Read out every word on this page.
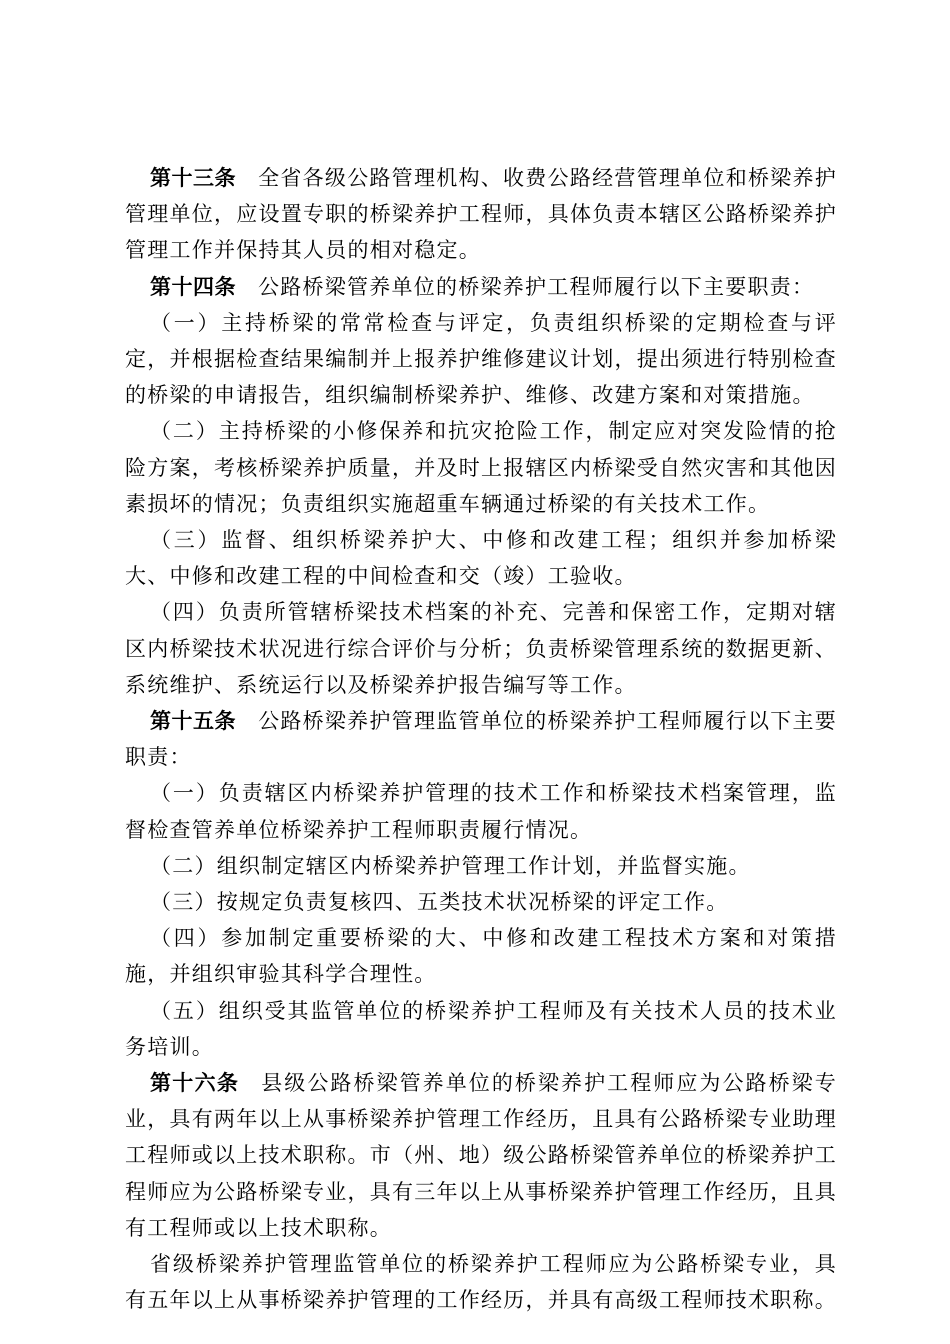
第十三条 全省各级公路管理机构、收费公路经营管理单位和桥梁养护管理单位，应设置专职的桥梁养护工程师，具体负责本辖区公路桥梁养护管理工作并保持其人员的相对稳定。

第十四条 公路桥梁管养单位的桥梁养护工程师履行以下主要职责：

（一）主持桥梁的常常检查与评定，负责组织桥梁的定期检查与评定，并根据检查结果编制并上报养护维修建议计划，提出须进行特别检查的桥梁的申请报告，组织编制桥梁养护、维修、改建方案和对策措施。

（二）主持桥梁的小修保养和抗灾抢险工作，制定应对突发险情的抢险方案，考核桥梁养护质量，并及时上报辖区内桥梁受自然灾害和其他因素损坏的情况；负责组织实施超重车辆通过桥梁的有关技术工作。

（三）监督、组织桥梁养护大、中修和改建工程；组织并参加桥梁大、中修和改建工程的中间检查和交（竣）工验收。

（四）负责所管辖桥梁技术档案的补充、完善和保密工作，定期对辖区内桥梁技术状况进行综合评价与分析；负责桥梁管理系统的数据更新、系统维护、系统运行以及桥梁养护报告编写等工作。

第十五条 公路桥梁养护管理监管单位的桥梁养护工程师履行以下主要职责：

（一）负责辖区内桥梁养护管理的技术工作和桥梁技术档案管理，监督检查管养单位桥梁养护工程师职责履行情况。

（二）组织制定辖区内桥梁养护管理工作计划，并监督实施。

（三）按规定负责复核四、五类技术状况桥梁的评定工作。

（四）参加制定重要桥梁的大、中修和改建工程技术方案和对策措施，并组织审验其科学合理性。

（五）组织受其监管单位的桥梁养护工程师及有关技术人员的技术业务培训。

第十六条 县级公路桥梁管养单位的桥梁养护工程师应为公路桥梁专业，具有两年以上从事桥梁养护管理工作经历，且具有公路桥梁专业助理工程师或以上技术职称。市（州、地）级公路桥梁管养单位的桥梁养护工程师应为公路桥梁专业，具有三年以上从事桥梁养护管理工作经历，且具有工程师或以上技术职称。

省级桥梁养护管理监管单位的桥梁养护工程师应为公路桥梁专业，具有五年以上从事桥梁养护管理的工作经历，并具有高级工程师技术职称。
